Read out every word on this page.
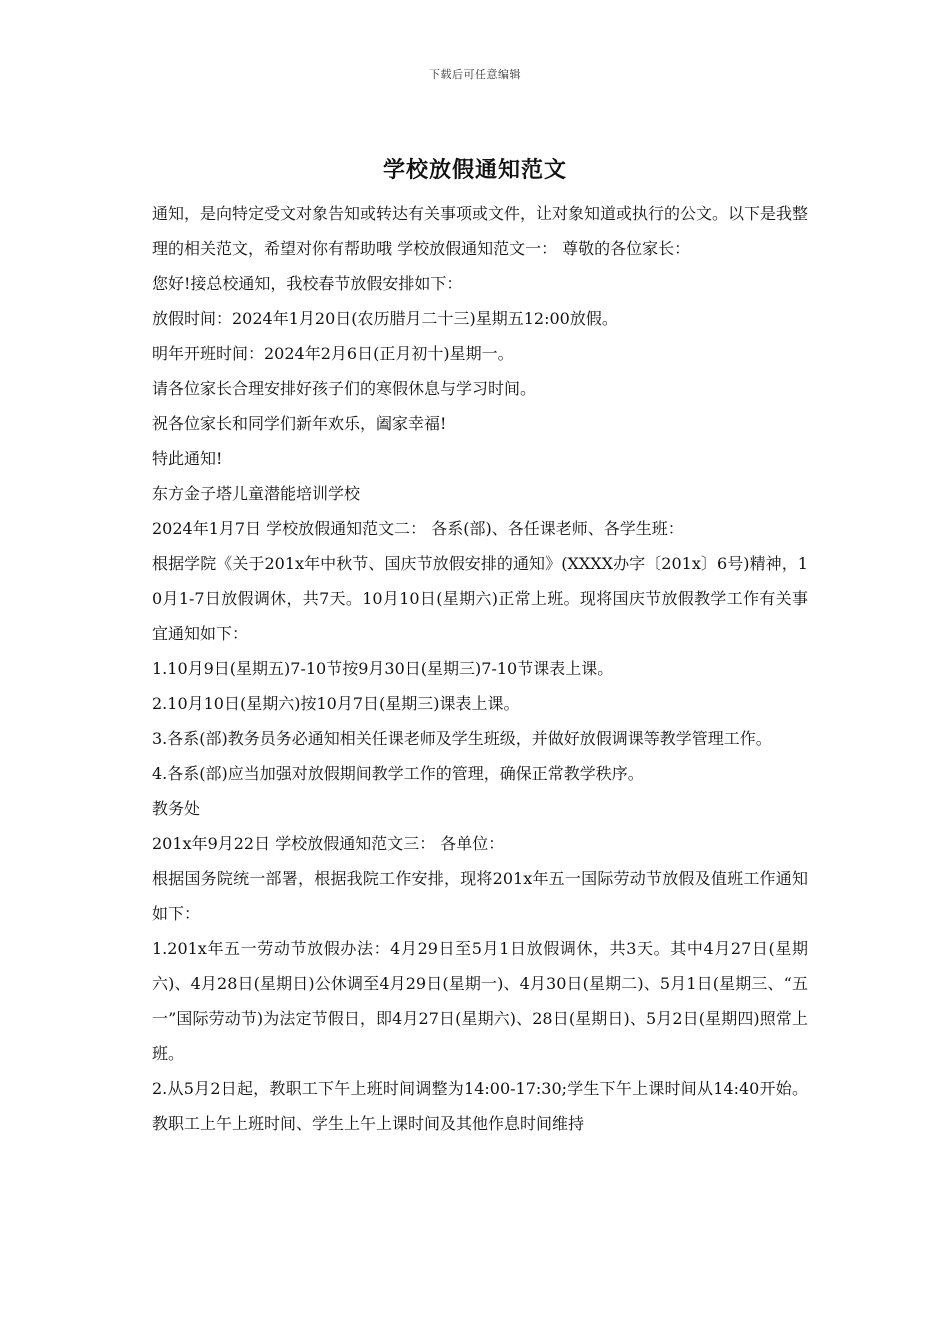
下载后可任意编辑
学校放假通知范文

通知，是向特定受文对象告知或转达有关事项或文件，让对象知道或执行的公文。以下是我整理的相关范文，希望对你有帮助哦 学校放假通知范文一： 尊敬的各位家长：

您好!接总校通知，我校春节放假安排如下：

放假时间：2024年1月20日(农历腊月二十三)星期五12:00放假。

明年开班时间：2024年2月6日(正月初十)星期一。

请各位家长合理安排好孩子们的寒假休息与学习时间。

祝各位家长和同学们新年欢乐，阖家幸福!

特此通知!

东方金子塔儿童潜能培训学校

2024年1月7日 学校放假通知范文二： 各系(部)、各任课老师、各学生班：

根据学院《关于201x年中秋节、国庆节放假安排的通知》(XXXX办字〔201x〕6号)精神，10月1-7日放假调休，共7天。10月10日(星期六)正常上班。现将国庆节放假教学工作有关事宜通知如下：

1.10月9日(星期五)7-10节按9月30日(星期三)7-10节课表上课。

2.10月10日(星期六)按10月7日(星期三)课表上课。

3.各系(部)教务员务必通知相关任课老师及学生班级，并做好放假调课等教学管理工作。

4.各系(部)应当加强对放假期间教学工作的管理，确保正常教学秩序。

教务处

201x年9月22日 学校放假通知范文三： 各单位：

根据国务院统一部署，根据我院工作安排，现将201x年五一国际劳动节放假及值班工作通知如下：

1.201x年五一劳动节放假办法：4月29日至5月1日放假调休，共3天。其中4月27日(星期六)、4月28日(星期日)公休调至4月29日(星期一)、4月30日(星期二)、5月1日(星期三、“五一”国际劳动节)为法定节假日，即4月27日(星期六)、28日(星期日)、5月2日(星期四)照常上班。

2.从5月2日起，教职工下午上班时间调整为14:00-17:30;学生下午上课时间从14:40开始。教职工上午上班时间、学生上午上课时间及其他作息时间维持
